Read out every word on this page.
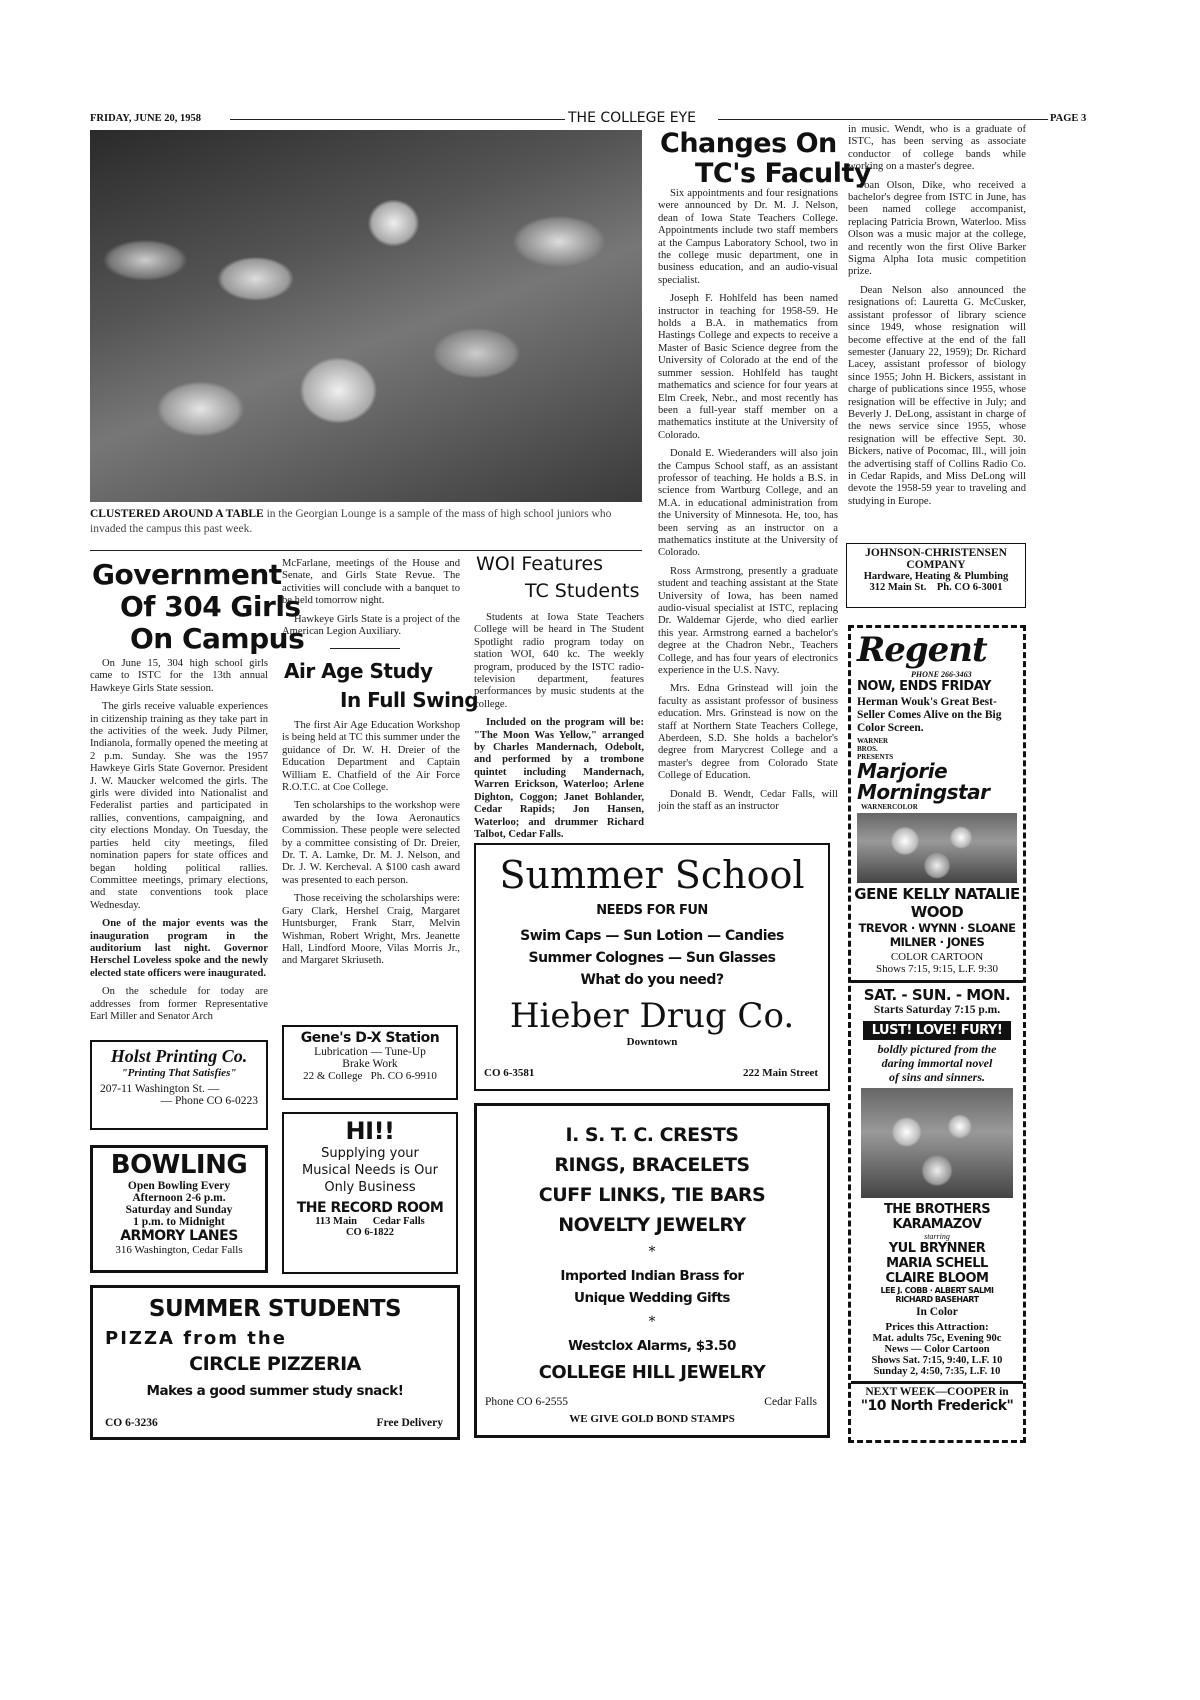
FRIDAY, JUNE 20, 1958	THE COLLEGE EYE	PAGE 3
CLUSTERED AROUND A TABLE in the Georgian Lounge is a sample of the mass of high school juniors who invaded the campus this past week.
Changes On
TC's Faculty

Six appointments and four resignations were announced by Dr. M. J. Nelson, dean of Iowa State Teachers College. Appointments include two staff members at the Campus Laboratory School, two in the college music department, one in business education, and an audio-visual specialist.

Joseph F. Hohlfeld has been named instructor in teaching for 1958-59. He holds a B.A. in mathematics from Hastings College and expects to receive a Master of Basic Science degree from the University of Colorado at the end of the summer session. Hohlfeld has taught mathematics and science for four years at Elm Creek, Nebr., and most recently has been a full-year staff member on a mathematics institute at the University of Colorado.

Donald E. Wiederanders will also join the Campus School staff, as an assistant professor of teaching. He holds a B.S. in science from Wartburg College, and an M.A. in educational administration from the University of Minnesota. He, too, has been serving as an instructor on a mathematics institute at the University of Colorado.

Ross Armstrong, presently a graduate student and teaching assistant at the State University of Iowa, has been named audio-visual specialist at ISTC, replacing Dr. Waldemar Gjerde, who died earlier this year. Armstrong earned a bachelor's degree at the Chadron Nebr., Teachers College, and has four years of electronics experience in the U.S. Navy.

Mrs. Edna Grinstead will join the faculty as assistant professor of business education. Mrs. Grinstead is now on the staff at Northern State Teachers College, Aberdeen, S.D. She holds a bachelor's degree from Marycrest College and a master's degree from Colorado State College of Education.

Donald B. Wendt, Cedar Falls, will join the staff as an instructor

in music. Wendt, who is a graduate of ISTC, has been serving as associate conductor of college bands while working on a master's degree.

Joan Olson, Dike, who received a bachelor's degree from ISTC in June, has been named college accompanist, replacing Patricia Brown, Waterloo. Miss Olson was a music major at the college, and recently won the first Olive Barker Sigma Alpha Iota music competition prize.

Dean Nelson also announced the resignations of: Lauretta G. McCusker, assistant professor of library science since 1949, whose resignation will become effective at the end of the fall semester (January 22, 1959); Dr. Richard Lacey, assistant professor of biology since 1955; John H. Bickers, assistant in charge of publications since 1955, whose resignation will be effective in July; and Beverly J. DeLong, assistant in charge of the news service since 1955, whose resignation will be effective Sept. 30. Bickers, native of Pocomac, Ill., will join the advertising staff of Collins Radio Co. in Cedar Rapids, and Miss DeLong will devote the 1958-59 year to traveling and studying in Europe.

JOHNSON-CHRISTENSEN
COMPANY
Hardware, Heating & Plumbing
312 Main St. Ph. CO 6-3001
Government
Of 304 Girls
On Campus

On June 15, 304 high school girls came to ISTC for the 13th annual Hawkeye Girls State session.

The girls receive valuable experiences in citizenship training as they take part in the activities of the week. Judy Pilmer, Indianola, formally opened the meeting at 2 p.m. Sunday. She was the 1957 Hawkeye Girls State Governor. President J. W. Maucker welcomed the girls. The girls were divided into Nationalist and Federalist parties and participated in rallies, conventions, campaigning, and city elections Monday. On Tuesday, the parties held city meetings, filed nomination papers for state offices and began holding political rallies. Committee meetings, primary elections, and state conventions took place Wednesday.

One of the major events was the inauguration program in the auditorium last night. Governor Herschel Loveless spoke and the newly elected state officers were inaugurated.

On the schedule for today are addresses from former Representative Earl Miller and Senator Arch

McFarlane, meetings of the House and Senate, and Girls State Revue. The activities will conclude with a banquet to be held tomorrow night.

Hawkeye Girls State is a project of the American Legion Auxiliary.

Air Age Study
In Full Swing

The first Air Age Education Workshop is being held at TC this summer under the guidance of Dr. W. H. Dreier of the Education Department and Captain William E. Chatfield of the Air Force R.O.T.C. at Coe College.

Ten scholarships to the workshop were awarded by the Iowa Aeronautics Commission. These people were selected by a committee consisting of Dr. Dreier, Dr. T. A. Lamke, Dr. M. J. Nelson, and Dr. J. W. Kercheval. A $100 cash award was presented to each person.

Those receiving the scholarships were: Gary Clark, Hershel Craig, Margaret Huntsburger, Frank Starr, Melvin Wishman, Robert Wright, Mrs. Jeanette Hall, Lindford Moore, Vilas Morris Jr., and Margaret Skriuseth.

WOI Features
TC Students

Students at Iowa State Teachers College will be heard in The Student Spotlight radio program today on station WOI, 640 kc. The weekly program, produced by the ISTC radio-television department, features performances by music students at the college.

Included on the program will be: "The Moon Was Yellow," arranged by Charles Mandernach, Odebolt, and performed by a trombone quintet including Mandernach, Warren Erickson, Waterloo; Arlene Dighton, Coggon; Janet Bohlander, Cedar Rapids; Jon Hansen, Waterloo; and drummer Richard Talbot, Cedar Falls.

Holst Printing Co.
"Printing That Satisfies"
207-11 Washington St. —
— Phone CO 6-0223
BOWLING
Open Bowling Every
Afternoon 2-6 p.m.
Saturday and Sunday
1 p.m. to Midnight
ARMORY LANES
316 Washington, Cedar Falls
Gene's D-X Station
Lubrication — Tune-Up
Brake Work
22 & College Ph. CO 6-9910
HI!!
Supplying your
Musical Needs is Our
Only Business
THE RECORD ROOM
113 Main Cedar Falls
CO 6-1822
Summer School
NEEDS FOR FUN
Swim Caps — Sun Lotion — Candies
Summer Colognes — Sun Glasses
What do you need?
Hieber Drug Co.
Downtown
CO 6-3581	222 Main Street
I. S. T. C. CRESTS
RINGS, BRACELETS
CUFF LINKS, TIE BARS
NOVELTY JEWELRY
*
Imported Indian Brass for
Unique Wedding Gifts
*
Westclox Alarms, $3.50
COLLEGE HILL JEWELRY
Phone CO 6-2555	Cedar Falls
WE GIVE GOLD BOND STAMPS
SUMMER STUDENTS
PIZZA from the
CIRCLE PIZZERIA
Makes a good summer study snack!
CO 6-3236	Free Delivery
Regent
PHONE 266-3463
NOW, ENDS FRIDAY
Herman Wouk's Great Best-Seller Comes Alive on the Big Color Screen.
WARNER BROS. PRESENTS
Marjorie Morningstar
WARNERCOLOR
GENE KELLY NATALIE WOOD
TREVOR · WYNN · SLOANE
MILNER · JONES
COLOR CARTOON
Shows 7:15, 9:15, L.F. 9:30
SAT. - SUN. - MON.
Starts Saturday 7:15 p.m.
LUST! LOVE! FURY!
boldly pictured from the
daring immortal novel
of sins and sinners.
THE BROTHERS
KARAMAZOV
starring
YUL BRYNNER
MARIA SCHELL
CLAIRE BLOOM
LEE J. COBB · ALBERT SALMI
RICHARD BASEHART
In Color
Prices this Attraction:
Mat. adults 75c, Evening 90c
News — Color Cartoon
Shows Sat. 7:15, 9:40, L.F. 10
Sunday 2, 4:50, 7:35, L.F. 10
NEXT WEEK—COOPER in
"10 North Frederick"
